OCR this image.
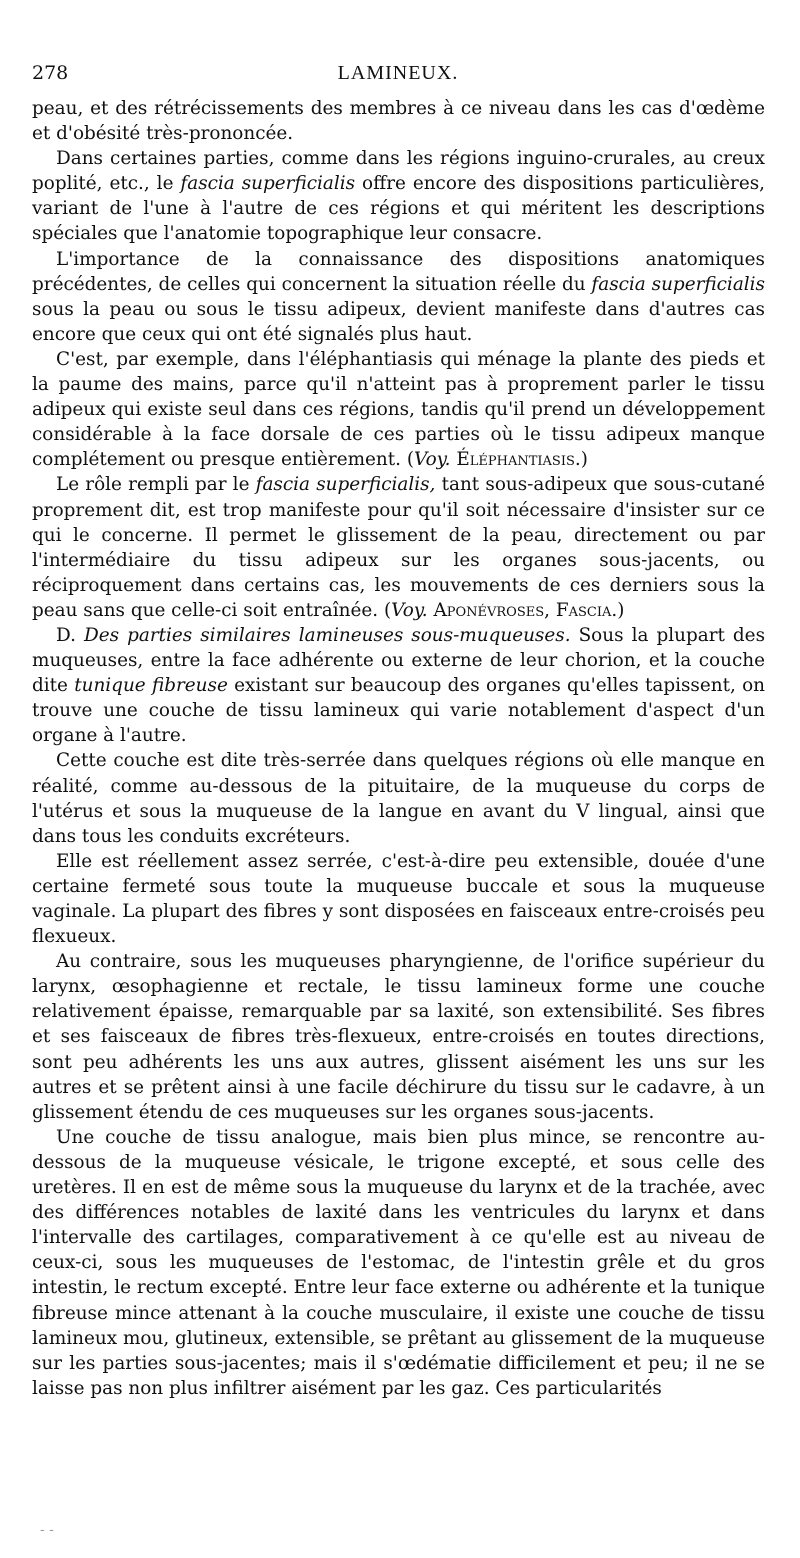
278	LAMINEUX.

peau, et des rétrécissements des membres à ce niveau dans les cas d'œdème et d'obésité très-prononcée.

Dans certaines parties, comme dans les régions inguino-crurales, au creux poplité, etc., le fascia superficialis offre encore des dispositions particulières, variant de l'une à l'autre de ces régions et qui méritent les descriptions spéciales que l'anatomie topographique leur consacre.

L'importance de la connaissance des dispositions anatomiques précédentes, de celles qui concernent la situation réelle du fascia superficialis sous la peau ou sous le tissu adipeux, devient manifeste dans d'autres cas encore que ceux qui ont été signalés plus haut.

C'est, par exemple, dans l'éléphantiasis qui ménage la plante des pieds et la paume des mains, parce qu'il n'atteint pas à proprement parler le tissu adipeux qui existe seul dans ces régions, tandis qu'il prend un développement considérable à la face dorsale de ces parties où le tissu adipeux manque complétement ou presque entièrement. (Voy. Éléphantiasis.)

Le rôle rempli par le fascia superficialis, tant sous-adipeux que sous-cutané proprement dit, est trop manifeste pour qu'il soit nécessaire d'insister sur ce qui le concerne. Il permet le glissement de la peau, directement ou par l'intermédiaire du tissu adipeux sur les organes sous-jacents, ou réciproquement dans certains cas, les mouvements de ces derniers sous la peau sans que celle-ci soit entraînée. (Voy. Aponévroses, Fascia.)

D. Des parties similaires lamineuses sous-muqueuses. Sous la plupart des muqueuses, entre la face adhérente ou externe de leur chorion, et la couche dite tunique fibreuse existant sur beaucoup des organes qu'elles tapissent, on trouve une couche de tissu lamineux qui varie notablement d'aspect d'un organe à l'autre.

Cette couche est dite très-serrée dans quelques régions où elle manque en réalité, comme au-dessous de la pituitaire, de la muqueuse du corps de l'utérus et sous la muqueuse de la langue en avant du V lingual, ainsi que dans tous les conduits excréteurs.

Elle est réellement assez serrée, c'est-à-dire peu extensible, douée d'une certaine fermeté sous toute la muqueuse buccale et sous la muqueuse vaginale. La plupart des fibres y sont disposées en faisceaux entre-croisés peu flexueux.

Au contraire, sous les muqueuses pharyngienne, de l'orifice supérieur du larynx, œsophagienne et rectale, le tissu lamineux forme une couche relativement épaisse, remarquable par sa laxité, son extensibilité. Ses fibres et ses faisceaux de fibres très-flexueux, entre-croisés en toutes directions, sont peu adhérents les uns aux autres, glissent aisément les uns sur les autres et se prêtent ainsi à une facile déchirure du tissu sur le cadavre, à un glissement étendu de ces muqueuses sur les organes sous-jacents.

Une couche de tissu analogue, mais bien plus mince, se rencontre au-dessous de la muqueuse vésicale, le trigone excepté, et sous celle des uretères. Il en est de même sous la muqueuse du larynx et de la trachée, avec des différences notables de laxité dans les ventricules du larynx et dans l'intervalle des cartilages, comparativement à ce qu'elle est au niveau de ceux-ci, sous les muqueuses de l'estomac, de l'intestin grêle et du gros intestin, le rectum excepté. Entre leur face externe ou adhérente et la tunique fibreuse mince attenant à la couche musculaire, il existe une couche de tissu lamineux mou, glutineux, extensible, se prêtant au glissement de la muqueuse sur les parties sous-jacentes; mais il s'œdématie difficilement et peu; il ne se laisse pas non plus infiltrer aisément par les gaz. Ces particularités

- -
